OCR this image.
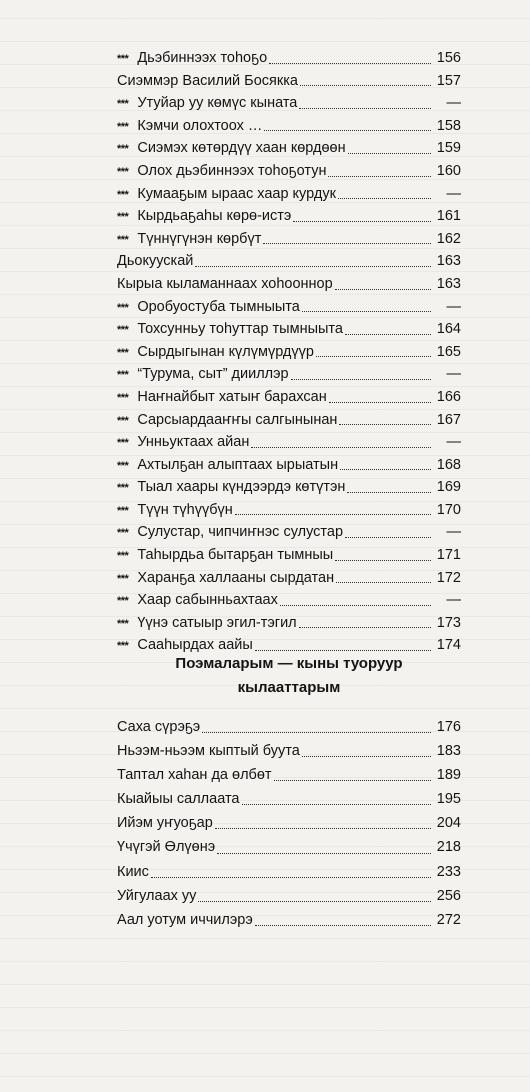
*** Дьэбиннээх тоһоҕо	156
Сиэммэр Василий Босякка	157
*** Утуйар уу көмүс кыната	—
*** Кэмчи олохтоох …	158
*** Сиэмэх көтөрдүү хаан көрдөөн	159
*** Олох дьэбиннээх тоһоҕотун	160
*** Кумааҕым ыраас хаар курдук	—
*** Кырдьаҕаһы көрө-истэ	161
*** Түннүгүнэн көрбүт	162
Дьокуускай	163
Кырыа кыламаннаах хоһооннор	163
*** Оробуостуба тымныыта	—
*** Тохсунньу тоһуттар тымныыта	164
*** Сырдыгынан күлүмүрдүүр	165
*** “Турума, сыт” дииллэр	—
*** Наҥнайбыт хатыҥ барахсан	166
*** Сарсыардааҥҥы салгынынан	167
*** Унньуктаах айан	—
*** Ахтылҕан алыптаах ырыатын	168
*** Тыал хаары күндээрдэ көтүтэн	169
*** Түүн түһүүбүн	170
*** Сулустар, чипчиҥнэс сулустар	—
*** Таһырдьа бытарҕан тымныы	171
*** Харанҕа халлааны сырдатан	172
*** Хаар сабынньахтаах	—
*** Үүнэ сатыыр эгил-тэгил	173
*** Сааһырдах аайы	174
Поэмаларым — кыны туоруур
кылааттарым
Саха сүрэҕэ	176
Ньээм-ньээм кыптый буута	183
Таптал хаһан да өлбөт	189
Кыайыы саллаата	195
Ийэм уҥуоҕар	204
Үчүгэй Өлүөнэ	218
Киис	233
Уйгулаах уу	256
Аал уотум иччилэрэ	272
